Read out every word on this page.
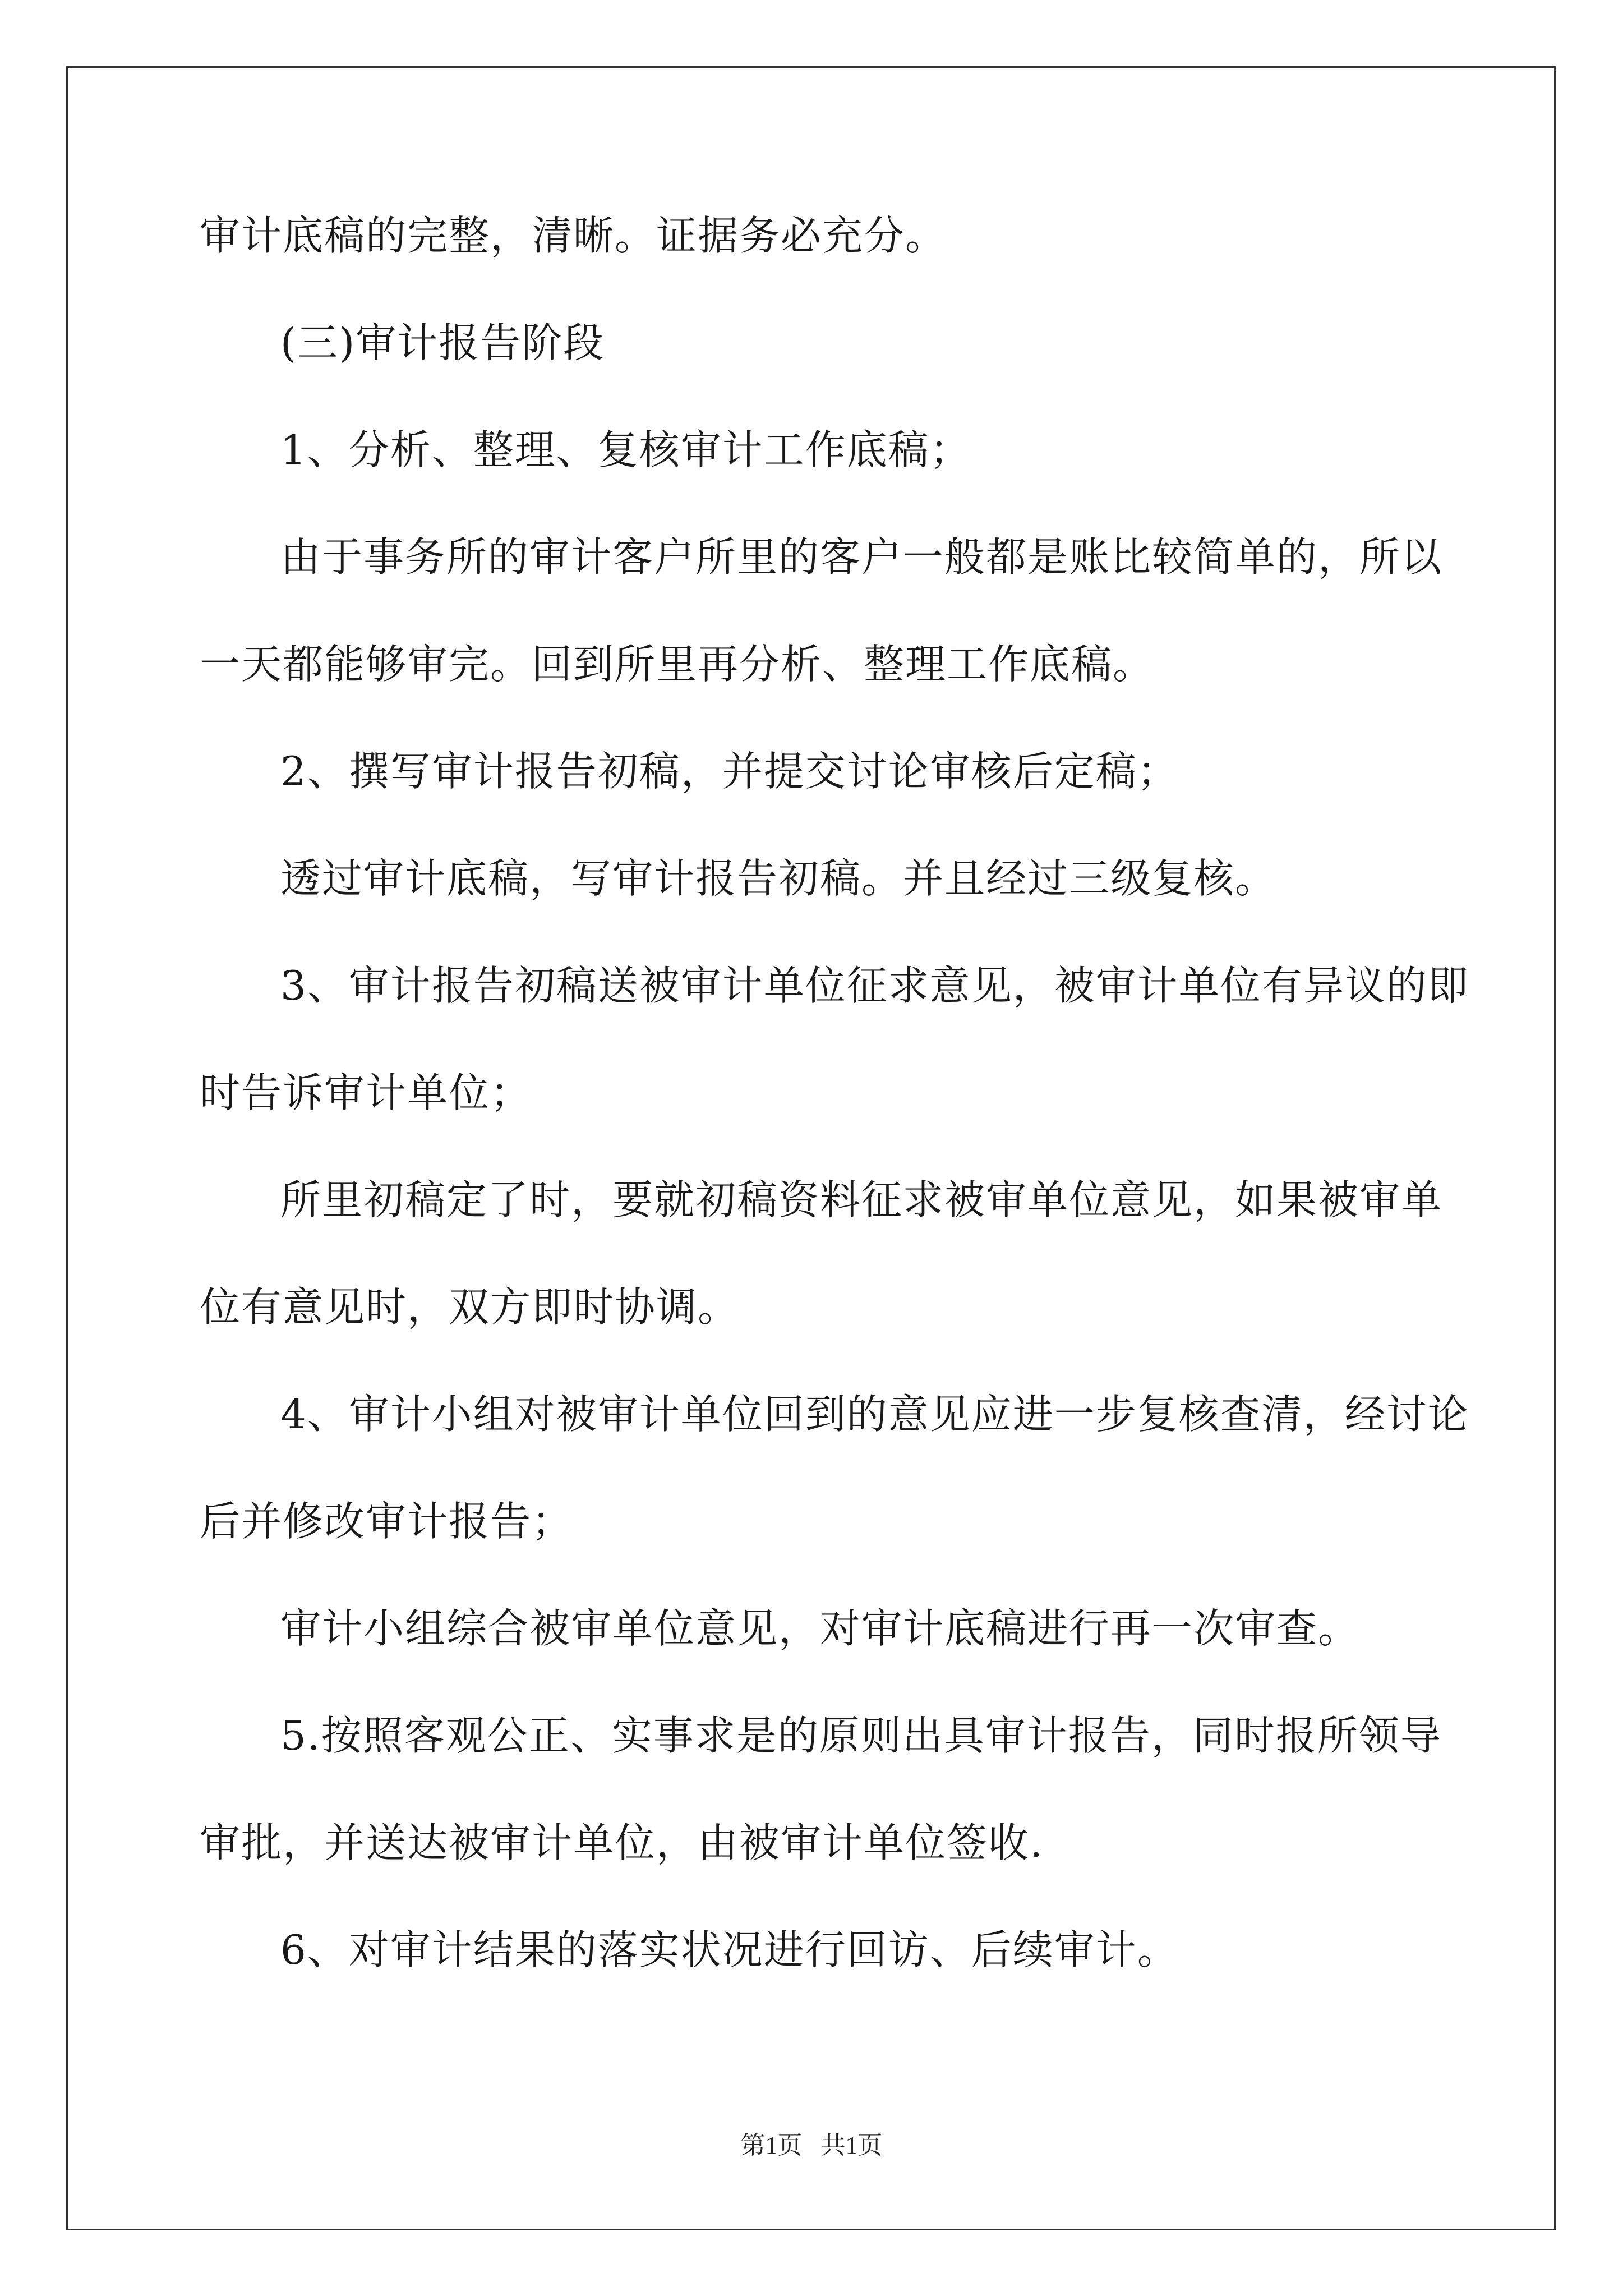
审计底稿的完整，清晰。证据务必充分。
(三)审计报告阶段
1、分析、整理、复核审计工作底稿；
由于事务所的审计客户所里的客户一般都是账比较简单的，所以
一天都能够审完。回到所里再分析、整理工作底稿。
2、撰写审计报告初稿，并提交讨论审核后定稿；
透过审计底稿，写审计报告初稿。并且经过三级复核。
3、审计报告初稿送被审计单位征求意见，被审计单位有异议的即
时告诉审计单位；
所里初稿定了时，要就初稿资料征求被审单位意见，如果被审单
位有意见时，双方即时协调。
4、审计小组对被审计单位回到的意见应进一步复核查清，经讨论
后并修改审计报告；
审计小组综合被审单位意见，对审计底稿进行再一次审查。
5.按照客观公正、实事求是的原则出具审计报告，同时报所领导
审批，并送达被审计单位，由被审计单位签收.
6、对审计结果的落实状况进行回访、后续审计。
第1页   共1页
